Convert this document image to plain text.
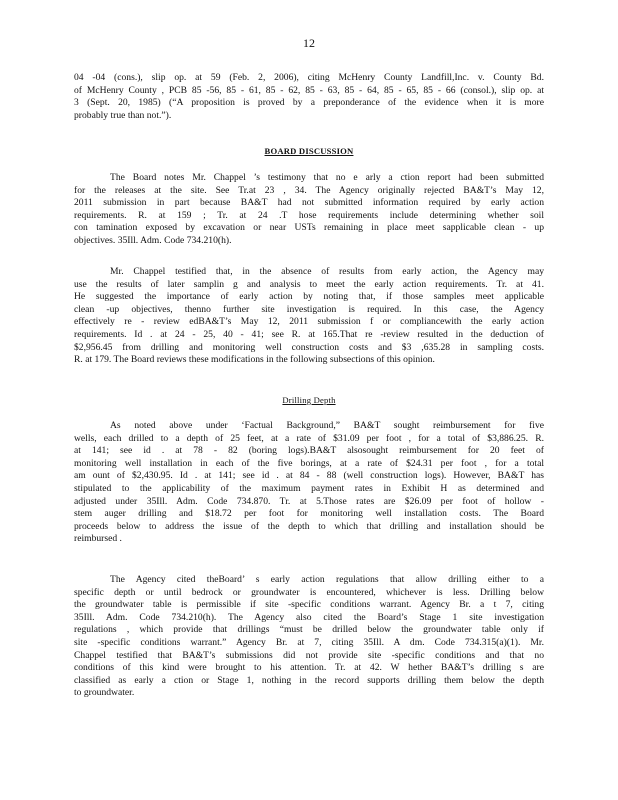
12
04 -04 (cons.), slip op. at 59 (Feb. 2, 2006), citing McHenry County Landfill,Inc. v. County Bd.
of McHenry County , PCB 85 -56, 85 - 61, 85 - 62, 85 - 63, 85 - 64, 85 - 65, 85 - 66 (consol.), slip op. at
3 (Sept. 20, 1985) (“A proposition is proved by a preponderance of the evidence when it is more
probably true than not.”).
BOARD DISCUSSION
The Board notes Mr. Chappel ’s testimony that no e arly a ction report had been submitted
for the releases at the site. See Tr.at 23 , 34. The Agency originally rejected BA&T’s May 12,
2011 submission in part because BA&T had not submitted information required by early action
requirements. R. at 159 ; Tr. at 24 .T hose requirements include determining whether soil
con tamination exposed by excavation or near USTs remaining in place meet sapplicable clean - up
objectives. 35Ill. Adm. Code 734.210(h).
Mr. Chappel testified that, in the absence of results from early action, the Agency may
use the results of later samplin g and analysis to meet the early action requirements. Tr. at 41.
He suggested the importance of early action by noting that, if those samples meet applicable
clean -up objectives, thenno further site investigation is required. In this case, the Agency
effectively re - review edBA&T’s May 12, 2011 submission f or compliancewith the early action
requirements. Id . at 24 - 25, 40 - 41; see R. at 165.That re -review resulted in the deduction of
$2,956.45 from drilling and monitoring well construction costs and $3 ,635.28 in sampling costs.
R. at 179. The Board reviews these modifications in the following subsections of this opinion.
Drilling Depth
As noted above under ‘Factual Background,” BA&T sought reimbursement for five
wells, each drilled to a depth of 25 feet, at a rate of $31.09 per foot , for a total of $3,886.25. R.
at 141; see id . at 78 - 82 (boring logs).BA&T alsosought reimbursement for 20 feet of
monitoring well installation in each of the five borings, at a rate of $24.31 per foot , for a total
am ount of $2,430.95. Id . at 141; see id . at 84 - 88 (well construction logs). However, BA&T has
stipulated to the applicability of the maximum payment rates in Exhibit H as determined and
adjusted under 35Ill. Adm. Code 734.870. Tr. at 5.Those rates are $26.09 per foot of hollow -
stem auger drilling and $18.72 per foot for monitoring well installation costs. The Board
proceeds below to address the issue of the depth to which that drilling and installation should be
reimbursed .
The Agency cited theBoard’ s early action regulations that allow drilling either to a
specific depth or until bedrock or groundwater is encountered, whichever is less. Drilling below
the groundwater table is permissible if site -specific conditions warrant. Agency Br. a t 7, citing
35Ill. Adm. Code 734.210(h). The Agency also cited the Board’s Stage 1 site investigation
regulations , which provide that drillings “must be drilled below the groundwater table only if
site -specific conditions warrant.” Agency Br. at 7, citing 35Ill. A dm. Code 734.315(a)(1). Mr.
Chappel testified that BA&T’s submissions did not provide site -specific conditions and that no
conditions of this kind were brought to his attention. Tr. at 42. W hether BA&T’s drilling s are
classified as early a ction or Stage 1, nothing in the record supports drilling them below the depth
to groundwater.
